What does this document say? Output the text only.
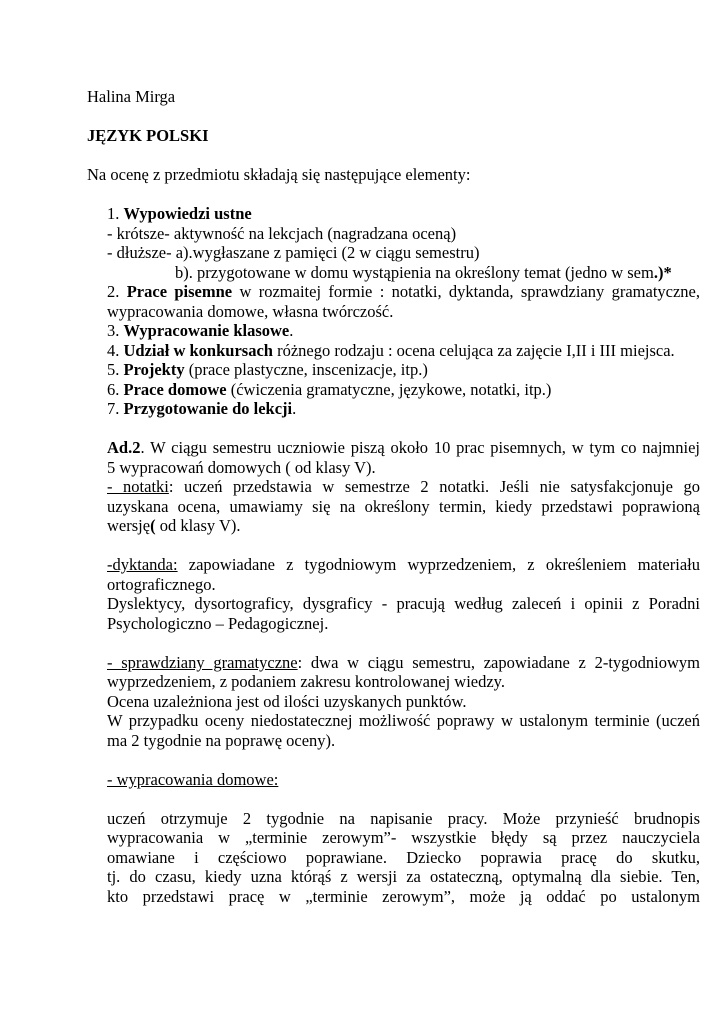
Halina Mirga
JĘZYK POLSKI
Na ocenę z przedmiotu składają się następujące elementy:
1. Wypowiedzi ustne
- krótsze- aktywność na lekcjach (nagradzana oceną)
- dłuższe- a).wygłaszane z pamięci (2 w ciągu semestru)
b). przygotowane w domu wystąpienia na określony temat (jedno w sem.)*
2. Prace pisemne w rozmaitej formie : notatki, dyktanda, sprawdziany gramatyczne,
wypracowania domowe, własna twórczość.
3. Wypracowanie klasowe.
4. Udział w konkursach różnego rodzaju : ocena celująca za zajęcie I,II i III miejsca.
5. Projekty (prace plastyczne, inscenizacje, itp.)
6. Prace domowe (ćwiczenia gramatyczne, językowe, notatki, itp.)
7. Przygotowanie do lekcji.
Ad.2. W ciągu semestru uczniowie piszą około 10 prac pisemnych, w tym co najmniej
5 wypracowań domowych ( od klasy V).
- notatki: uczeń przedstawia w semestrze 2 notatki. Jeśli nie satysfakcjonuje go
uzyskana ocena, umawiamy się na określony termin, kiedy przedstawi poprawioną
wersję( od klasy V).
-dyktanda: zapowiadane z tygodniowym wyprzedzeniem, z określeniem materiału
ortograficznego.
Dyslektycy, dysortograficy, dysgraficy - pracują według zaleceń i opinii z Poradni
Psychologiczno – Pedagogicznej.
- sprawdziany gramatyczne: dwa w ciągu semestru, zapowiadane z 2-tygodniowym
wyprzedzeniem, z podaniem zakresu kontrolowanej wiedzy.
Ocena uzależniona jest od ilości uzyskanych punktów.
W przypadku oceny niedostatecznej możliwość poprawy w ustalonym terminie (uczeń
ma 2 tygodnie na poprawę oceny).
- wypracowania domowe:
uczeń otrzymuje 2 tygodnie na napisanie pracy. Może przynieść brudnopis
wypracowania w „terminie zerowym”- wszystkie błędy są przez nauczyciela
omawiane i częściowo poprawiane. Dziecko poprawia pracę do skutku,
tj. do czasu, kiedy uzna którąś z wersji za ostateczną, optymalną dla siebie. Ten,
kto przedstawi pracę w „terminie zerowym”, może ją oddać po ustalonym
